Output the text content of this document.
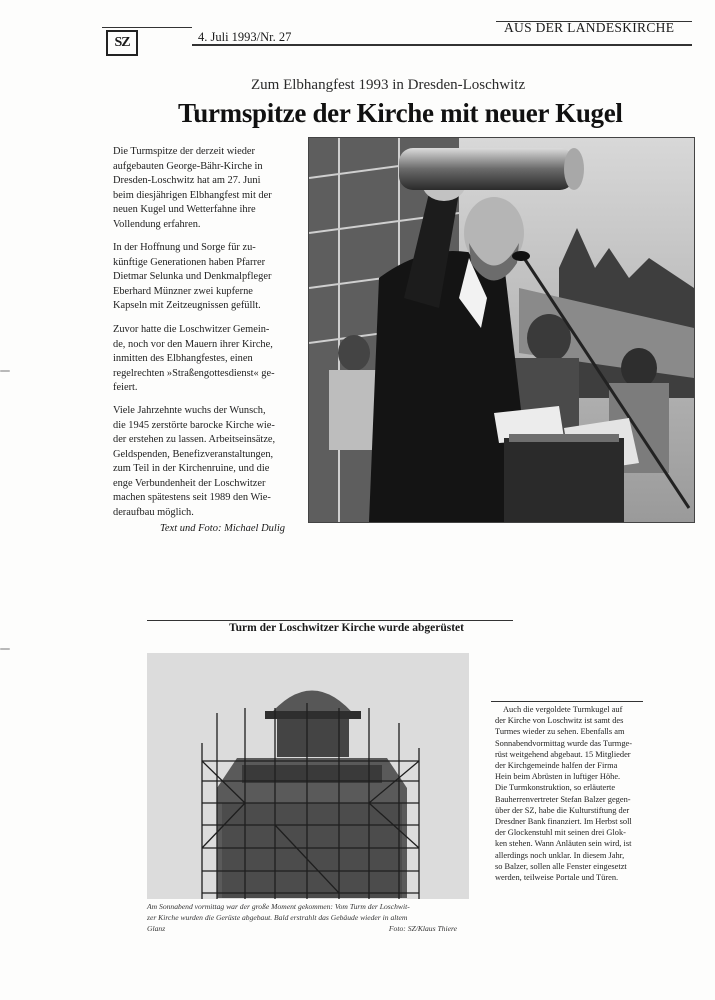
SZ	4. Juli 1993/Nr. 27
AUS DER LANDESKIRCHE
Zum Elbhangfest 1993 in Dresden-Loschwitz
Turmspitze der Kirche mit neuer Kugel
Die Turmspitze der derzeit wieder
aufgebauten George-Bähr-Kirche in
Dresden-Loschwitz hat am 27. Juni
beim diesjährigen Elbhangfest mit der
neuen Kugel und Wetterfahne ihre
Vollendung erfahren.
In der Hoffnung und Sorge für zu-
künftige Generationen haben Pfarrer
Dietmar Selunka und Denkmalpfleger
Eberhard Münzner zwei kupferne
Kapseln mit Zeitzeugnissen gefüllt.
Zuvor hatte die Loschwitzer Gemein-
de, noch vor den Mauern ihrer Kirche,
inmitten des Elbhangfestes, einen
regelrechten »Straßengottesdienst« ge-
feiert.
Viele Jahrzehnte wuchs der Wunsch,
die 1945 zerstörte barocke Kirche wie-
der erstehen zu lassen. Arbeitseinsätze,
Geldspenden, Benefizveranstaltungen,
zum Teil in der Kirchenruine, und die
enge Verbundenheit der Loschwitzer
machen spätestens seit 1989 den Wie-
deraufbau möglich.
Text und Foto: Michael Dulig
Turm der Loschwitzer Kirche wurde abgerüstet
Am Sonnabend vormittag war der große Moment gekommen: Vom Turm der Loschwit-
zer Kirche wurden die Gerüste abgebaut. Bald erstrahlt das Gebäude wieder in altem
Glanz	Foto: SZ/Klaus Thiere
Auch die vergoldete Turmkugel auf
der Kirche von Loschwitz ist samt des
Turmes wieder zu sehen. Ebenfalls am
Sonnabendvormittag wurde das Turmge-
rüst weitgehend abgebaut. 15 Mitglieder
der Kirchgemeinde halfen der Firma
Hein beim Abrüsten in luftiger Höhe.
Die Turmkonstruktion, so erläuterte
Bauherrenvertreter Stefan Balzer gegen-
über der SZ, habe die Kulturstiftung der
Dresdner Bank finanziert. Im Herbst soll
der Glockenstuhl mit seinen drei Glok-
ken stehen. Wann Anläuten sein wird, ist
allerdings noch unklar. In diesem Jahr,
so Balzer, sollen alle Fenster eingesetzt
werden, teilweise Portale und Türen.
